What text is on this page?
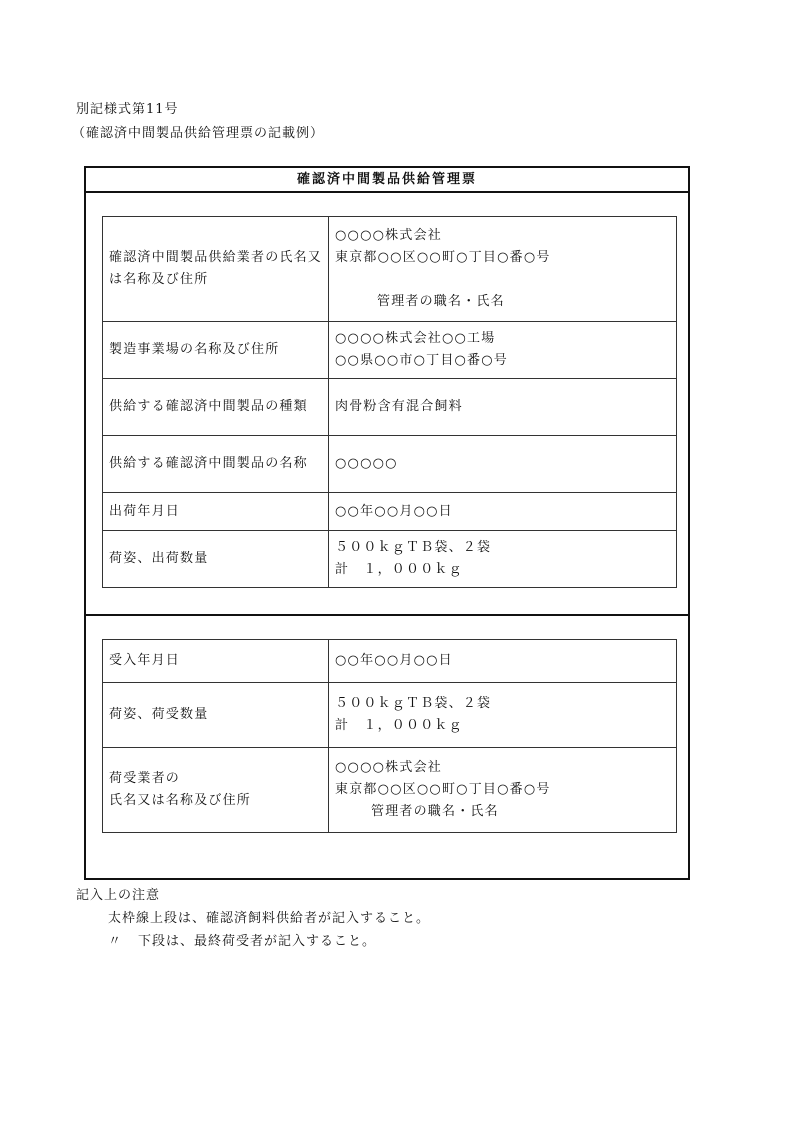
別記様式第11号
（確認済中間製品供給管理票の記載例）
確認済中間製品供給管理票
確認済中間製品供給業者の氏名又は名称及び住所	○○○○株式会社
東京都○○区○○町○丁目○番○号
管理者の職名・氏名

製造事業場の名称及び住所	○○○○株式会社○○工場
○○県○○市○丁目○番○号

供給する確認済中間製品の種類	肉骨粉含有混合飼料
供給する確認済中間製品の名称	○○○○○
出荷年月日	○○年○○月○○日
荷姿、出荷数量	５００ｋｇＴＢ袋、２袋
計　１，０００ｋｇ
受入年月日	○○年○○月○○日
荷姿、荷受数量	５００ｋｇＴＢ袋、２袋
計　１，０００ｋｇ

荷受業者の
氏名又は名称及び住所	○○○○株式会社
東京都○○区○○町○丁目○番○号
管理者の職名・氏名
記入上の注意
太枠線上段は、確認済飼料供給者が記入すること。
〃 下段は、最終荷受者が記入すること。
